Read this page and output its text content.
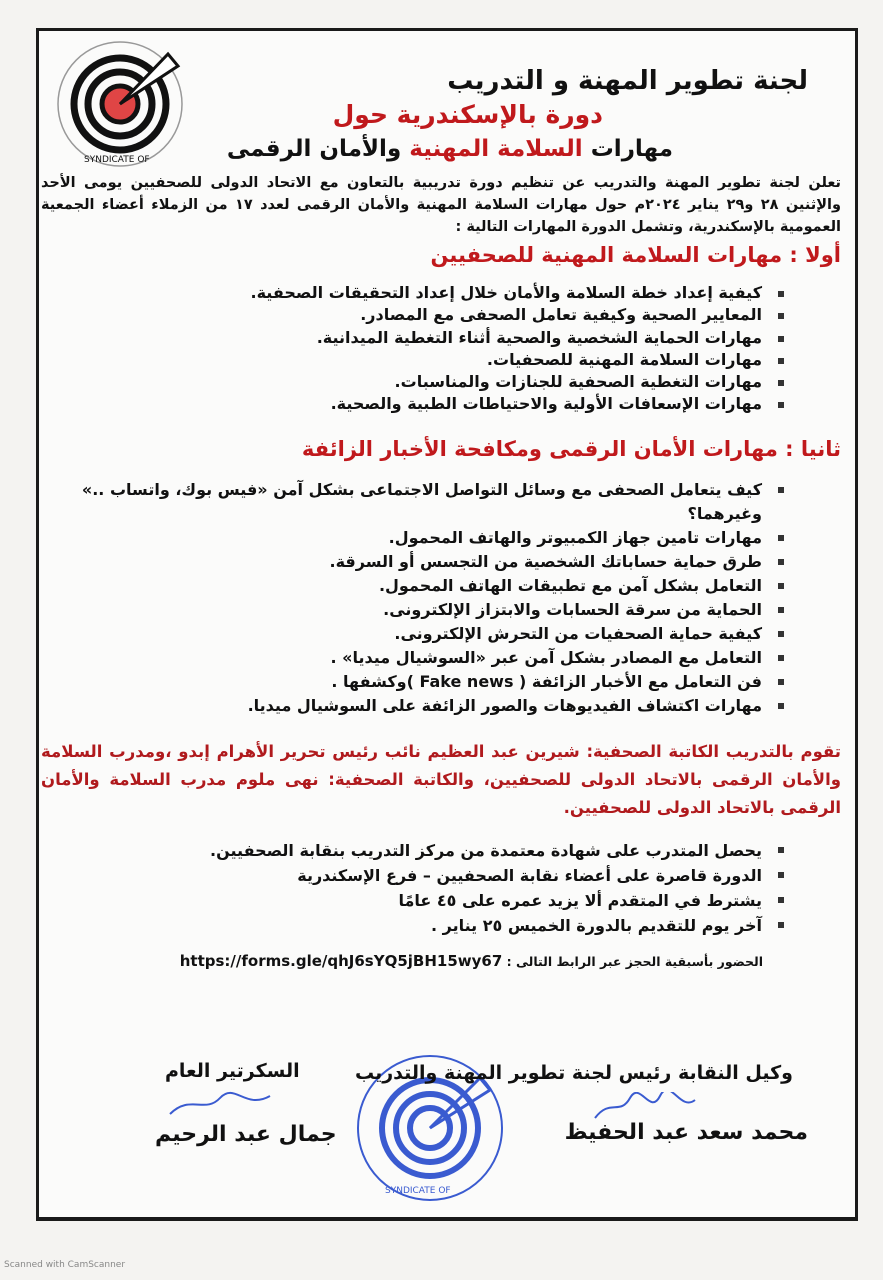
SYNDICATE OF
لجنة تطوير المهنة و التدريب
دورة بالإسكندرية حول
مهارات السلامة المهنية والأمان الرقمى
تعلن لجنة تطوير المهنة والتدريب عن تنظيم دورة تدريبية بالتعاون مع الاتحاد الدولى للصحفيين يومى الأحد والإثنين ٢٨ و٢٩ يناير ٢٠٢٤م حول مهارات السلامة المهنية والأمان الرقمى لعدد ١٧ من الزملاء أعضاء الجمعية العمومية بالإسكندرية، وتشمل الدورة المهارات التالية :
أولا : مهارات السلامة المهنية للصحفيين
كيفية إعداد خطة السلامة والأمان خلال إعداد التحقيقات الصحفية.
المعايير الصحية وكيفية تعامل الصحفى مع المصادر.
مهارات الحماية الشخصية والصحية أثناء التغطية الميدانية.
مهارات السلامة المهنية للصحفيات.
مهارات التغطية الصحفية للجنازات والمناسبات.
مهارات الإسعافات الأولية والاحتياطات الطبية والصحية.
ثانيا : مهارات الأمان الرقمى ومكافحة الأخبار الزائفة
كيف يتعامل الصحفى مع وسائل التواصل الاجتماعى بشكل آمن «فيس بوك، واتساب ..» وغيرهما؟
مهارات تامين جهاز الكمبيوتر والهاتف المحمول.
طرق حماية حساباتك الشخصية من التجسس أو السرقة.
التعامل بشكل آمن مع تطبيقات الهاتف المحمول.
الحماية من سرقة الحسابات والابتزاز الإلكترونى.
كيفية حماية الصحفيات من التحرش الإلكترونى.
التعامل مع المصادر بشكل آمن عبر «السوشيال ميديا» .
فن التعامل مع الأخبار الزائفة ( Fake news )وكشفها .
مهارات اكتشاف الفيديوهات والصور الزائفة على السوشيال ميديا.
تقوم بالتدريب الكاتبة الصحفية: شيرين عبد العظيم نائب رئيس تحرير الأهرام إبدو ،ومدرب السلامة والأمان الرقمى بالاتحاد الدولى للصحفيين، والكاتبة الصحفية: نهى ملوم مدرب السلامة والأمان الرقمى بالاتحاد الدولى للصحفيين.
يحصل المتدرب على شهادة معتمدة من مركز التدريب بنقابة الصحفيين.
الدورة قاصرة على أعضاء نقابة الصحفيين – فرع الإسكندرية
يشترط في المتقدم ألا يزيد عمره على ٤٥ عامًا
آخر يوم للتقديم بالدورة الخميس ٢٥ يناير .
الحضور بأسبقية الحجز عبر الرابط التالى : https://forms.gle/qhJ6sYQ5jBH15wy67
SYNDICATE OF
وكيل النقابة رئيس لجنة تطوير المهنة والتدريب
السكرتير العام
محمد سعد عبد الحفيظ
جمال عبد الرحيم
Scanned with CamScanner
